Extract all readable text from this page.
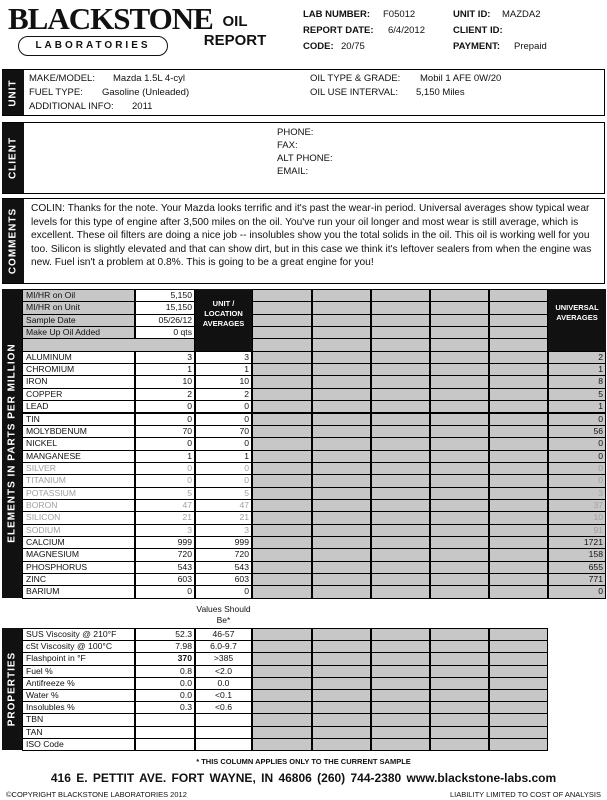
BLACKSTONE
LABORATORIES
OIL
REPORT
LAB NUMBER: F05012
REPORT DATE: 6/4/2012
CODE: 20/75
UNIT ID: MAZDA2
CLIENT ID:
PAYMENT: Prepaid
UNIT
MAKE/MODEL: Mazda 1.5L 4-cyl
FUEL TYPE: Gasoline (Unleaded)
ADDITIONAL INFO: 2011
OIL TYPE & GRADE: Mobil 1 AFE 0W/20
OIL USE INTERVAL: 5,150 Miles
CLIENT
PHONE:
FAX:
ALT PHONE:
EMAIL:
COMMENTS COLIN: Thanks for the note. Your Mazda looks terrific and it's past the wear-in period. Universal averages show typical wear levels for this type of engine after 3,500 miles on the oil. You've run your oil longer and most wear is still average, which is excellent. These oil filters are doing a nice job -- insolubles show you the total solids in the oil. This oil is working well for you too. Silicon is slightly elevated and that can show dirt, but in this case we think it's leftover sealers from when the engine was new. Fuel isn't a problem at 0.8%. This is going to be a great engine for you!
ELEMENTS IN PARTS PER MILLION
MI/HR on Oil	5,150
MI/HR on Unit	15,150
Sample Date	05/26/12
Make Up Oil Added	0 qts
UNIT / LOCATION AVERAGES
UNIVERSAL AVERAGES
ALUMINUM	3	3	2
CHROMIUM	1	1	1
IRON	10	10	8
COPPER	2	2	5
LEAD	0	0	1
TIN	0	0	0
MOLYBDENUM	70	70	56
NICKEL	0	0	0
MANGANESE	1	1	0
SILVER	0	0	0
TITANIUM	0	0	0
POTASSIUM	5	5	3
BORON	47	47	37
SILICON	21	21	10
SODIUM	3	3	91
CALCIUM	999	999	1721
MAGNESIUM	720	720	158
PHOSPHORUS	543	543	655
ZINC	603	603	771
BARIUM	0	0	0
Values Should Be*
PROPERTIES
SUS Viscosity @ 210°F	52.3	46-57
cSt Viscosity @ 100°C	7.98	6.0-9.7
Flashpoint in °F	370	>385
Fuel %	0.8	<2.0
Antifreeze %	0.0	0.0
Water %	0.0	<0.1
Insolubles %	0.3	<0.6
TBN
TAN
ISO Code
* THIS COLUMN APPLIES ONLY TO THE CURRENT SAMPLE
416 E. PETTIT AVE. FORT WAYNE, IN 46806 (260) 744-2380 www.blackstone-labs.com
©COPYRIGHT BLACKSTONE LABORATORIES 2012	LIABILITY LIMITED TO COST OF ANALYSIS
